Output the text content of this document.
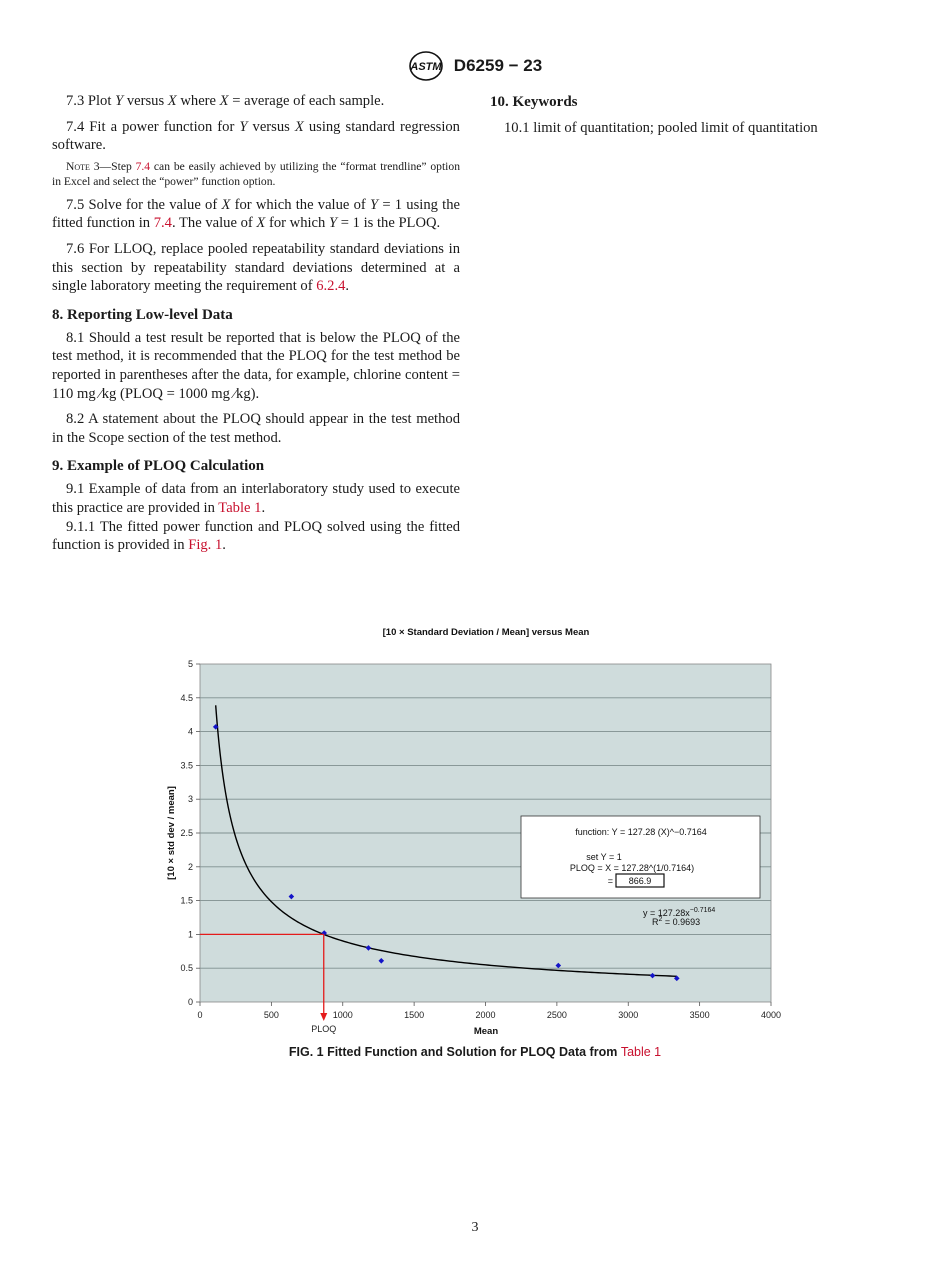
ASTM D6259 − 23

7.3 Plot Y versus X where X = average of each sample.

7.4 Fit a power function for Y versus X using standard regression software.

Note 3—Step 7.4 can be easily achieved by utilizing the “format trendline” option in Excel and select the “power” function option.

7.5 Solve for the value of X for which the value of Y = 1 using the fitted function in 7.4. The value of X for which Y = 1 is the PLOQ.

7.6 For LLOQ, replace pooled repeatability standard deviations in this section by repeatability standard deviations determined at a single laboratory meeting the requirement of 6.2.4.

8. Reporting Low-level Data

8.1 Should a test result be reported that is below the PLOQ of the test method, it is recommended that the PLOQ for the test method be reported in parentheses after the data, for example, chlorine content = 110 mg ⁄kg (PLOQ = 1000 mg ⁄kg).

8.2 A statement about the PLOQ should appear in the test method in the Scope section of the test method.

9. Example of PLOQ Calculation

9.1 Example of data from an interlaboratory study used to execute this practice are provided in Table 1.

9.1.1 The fitted power function and PLOQ solved using the fitted function is provided in Fig. 1.

10. Keywords

10.1 limit of quantitation; pooled limit of quantitation

[10 × Standard Deviation / Mean] versus Mean
0
0.5
1
1.5
2
2.5
3
3.5
4
4.5
5
0	500	1000	1500	2000	2500	3000	3500	4000
PLOQ
[10 × std dev / mean]
Mean
function: Y = 127.28 (X)^−0.7164
set Y = 1
PLOQ = X = 127.28^(1/0.7164)
= 866.9
$y = 127.28x^{-0.7164}$
$R^2 = 0.9693$
FIG. 1 Fitted Function and Solution for PLOQ Data from Table 1
3
